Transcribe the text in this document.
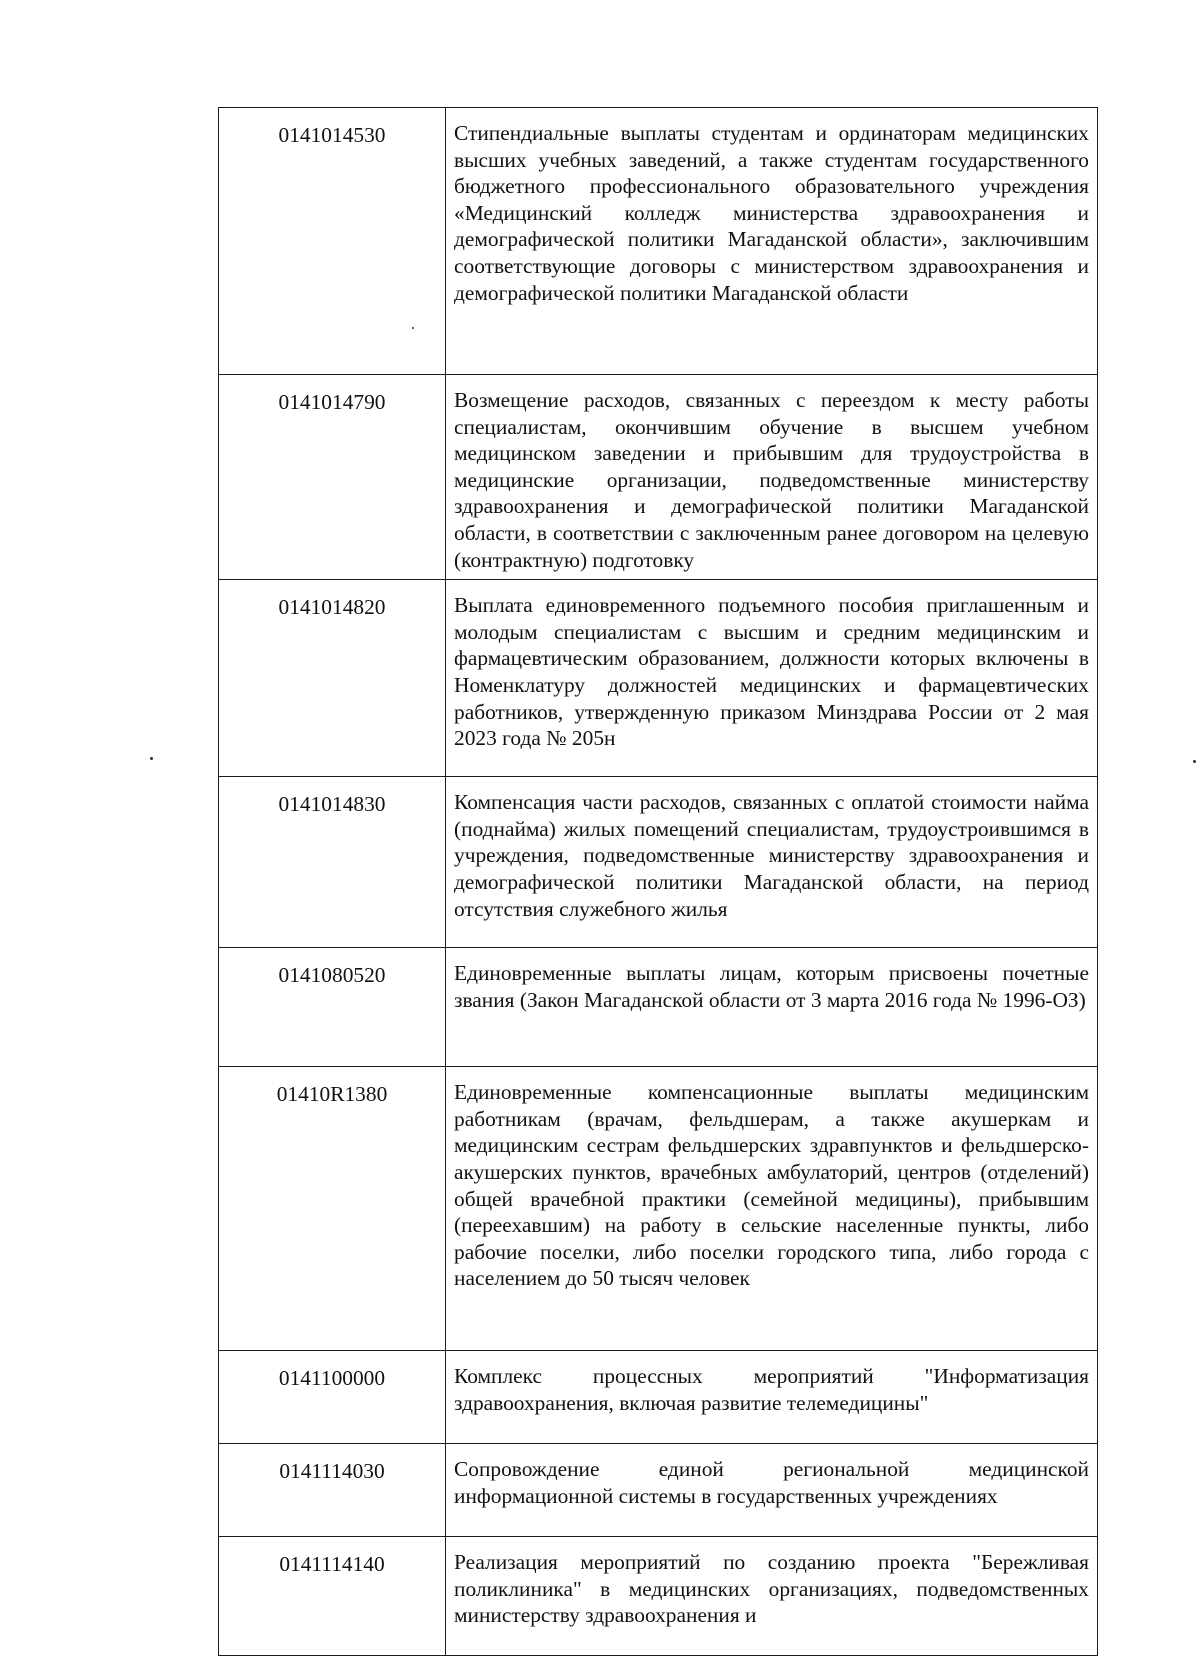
0141014530	Стипендиальные выплаты студентам и ординаторам медицинских высших учебных заведений, а также студентам государственного бюджетного профессионального образовательного учреждения «Медицинский колледж министерства здравоохранения и демографической политики Магаданской области», заключившим соответствующие договоры с министерством здравоохранения и демографической политики Магаданской области
0141014790	Возмещение расходов, связанных с переездом к месту работы специалистам, окончившим обучение в высшем учебном медицинском заведении и прибывшим для трудоустройства в медицинские организации, подведомственные министерству здравоохранения и демографической политики Магаданской области, в соответствии с заключенным ранее договором на целевую (контрактную) подготовку
0141014820	Выплата единовременного подъемного пособия приглашенным и молодым специалистам с высшим и средним медицинским и фармацевтическим образованием, должности которых включены в Номенклатуру должностей медицинских и фармацевтических работников, утвержденную приказом Минздрава России от 2 мая 2023 года № 205н
0141014830	Компенсация части расходов, связанных с оплатой стоимости найма (поднайма) жилых помещений специалистам, трудоустроившимся в учреждения, подведомственные министерству здравоохранения и демографической политики Магаданской области, на период отсутствия служебного жилья
0141080520	Единовременные выплаты лицам, которым присвоены почетные звания (Закон Магаданской области от 3 марта 2016 года № 1996-ОЗ)
01410R1380	Единовременные компенсационные выплаты медицинским работникам (врачам, фельдшерам, а также акушеркам и медицинским сестрам фельдшерских здравпунктов и фельдшерско-акушерских пунктов, врачебных амбулаторий, центров (отделений) общей врачебной практики (семейной медицины), прибывшим (переехавшим) на работу в сельские населенные пункты, либо рабочие поселки, либо поселки городского типа, либо города с населением до 50 тысяч человек
0141100000	Комплекс процессных мероприятий "Информатизация здравоохранения, включая развитие телемедицины"
0141114030	Сопровождение единой региональной медицинской информационной системы в государственных учреждениях
0141114140	Реализация мероприятий по созданию проекта "Бережливая поликлиника" в медицинских организациях, подведомственных министерству здравоохранения и
